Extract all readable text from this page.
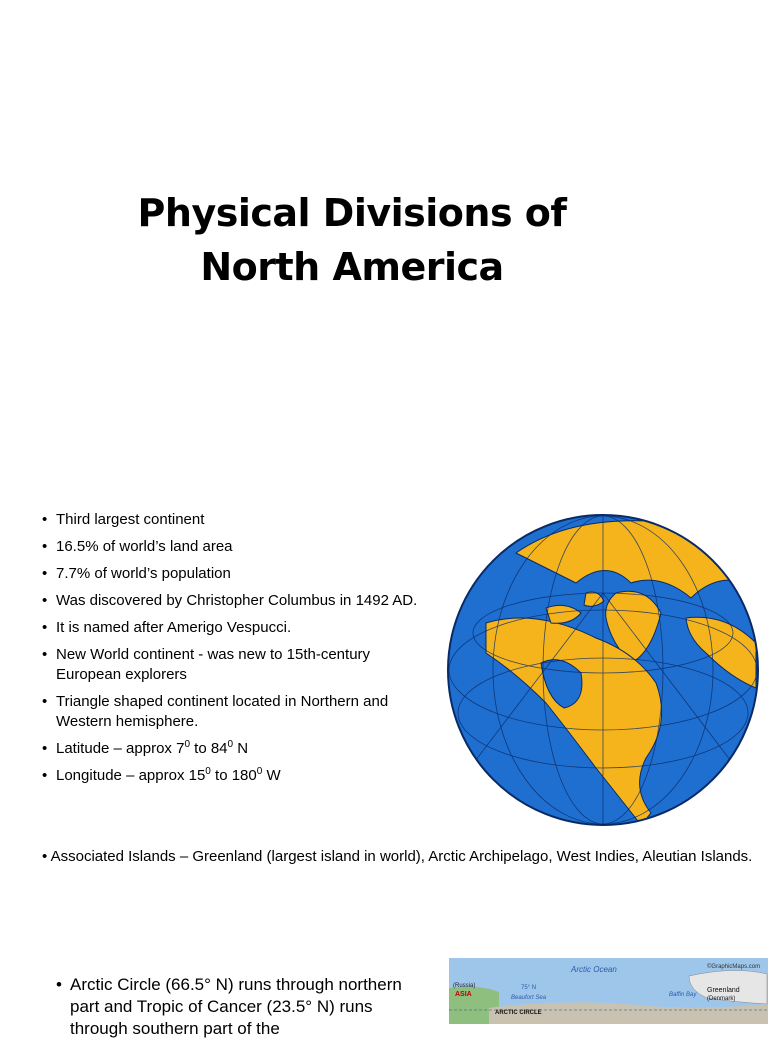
Physical Divisions of
North America
• Third largest continent
• 16.5% of world’s land area
• 7.7% of world’s population
• Was discovered by Christopher Columbus in 1492 AD.
• It is named after Amerigo Vespucci.
• New World continent - was new to 15th-century European explorers
• Triangle shaped continent located in Northern and Western hemisphere.
• Latitude – approx $7^0$ to $84^0$ N
• Longitude – approx $15^0$ to $180^0$ W

• Associated Islands – Greenland (largest island in world), Arctic Archipelago, West Indies, Aleutian Islands.

• Arctic Circle (66.5° N) runs through northern part and Tropic of Cancer (23.5° N) runs through southern part of the
Arctic Ocean	©GraphicMaps.com
(Russia)
ASIA
75° N
Beaufort Sea
ARCTIC CIRCLE
Baffin Bay
Greenland
(Denmark)
